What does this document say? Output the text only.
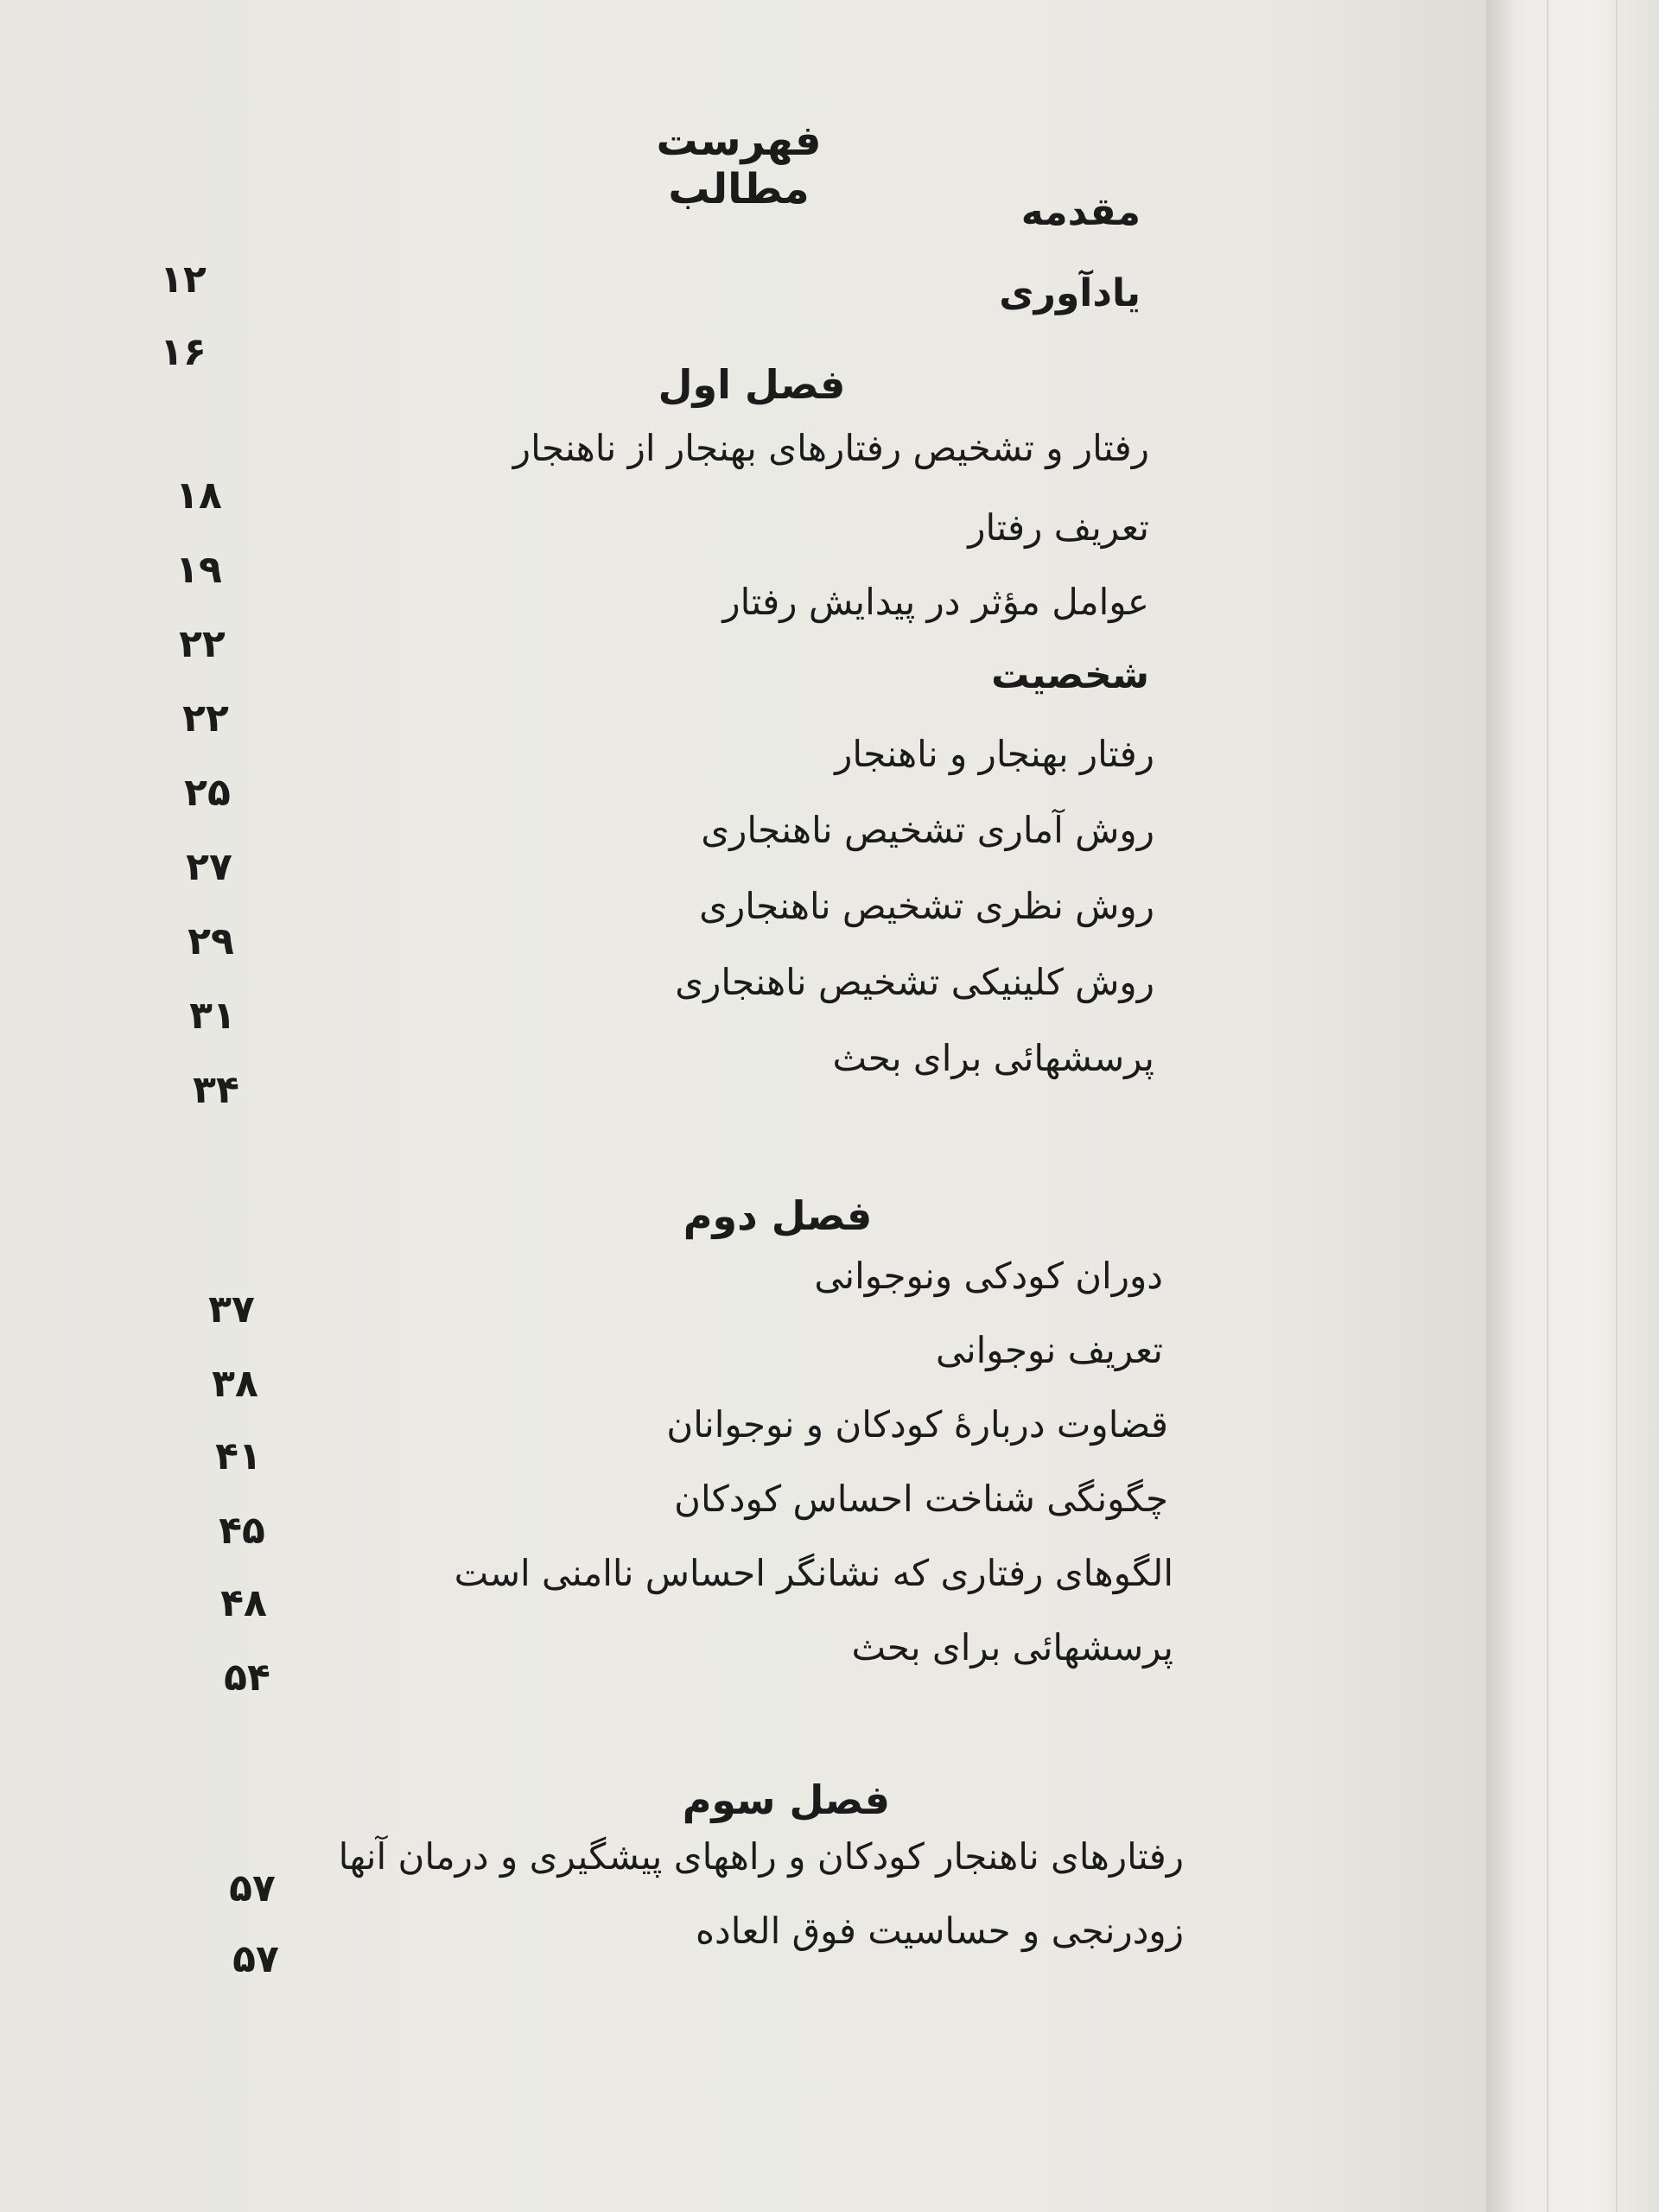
فهرست مطالب	مقدمه
یادآوری
فصل اول
رفتار و تشخیص رفتارهای بهنجار از ناهنجار
تعریف رفتار
عوامل مؤثر در پیدایش رفتار
شخصیت
رفتار بهنجار و ناهنجار
روش آماری تشخیص ناهنجاری
روش نظری تشخیص ناهنجاری
روش کلینیکی تشخیص ناهنجاری
پرسشهائی برای بحث
فصل دوم
دوران کودکی ونوجوانی
تعریف نوجوانی
قضاوت دربارهٔ کودکان و نوجوانان
چگونگی شناخت احساس کودکان
الگوهای رفتاری که نشانگر احساس ناامنی است
پرسشهائی برای بحث
فصل سوم
رفتارهای ناهنجار کودکان و راههای پیشگیری و درمان آنها
زودرنجی و حساسیت فوق العاده
۱۲
۱۶
۱۸
۱۹
۲۲
۲۲
۲۵
۲۷
۲۹
۳۱
۳۴
۳۷
۳۸
۴۱
۴۵
۴۸
۵۴
۵۷
۵۷
